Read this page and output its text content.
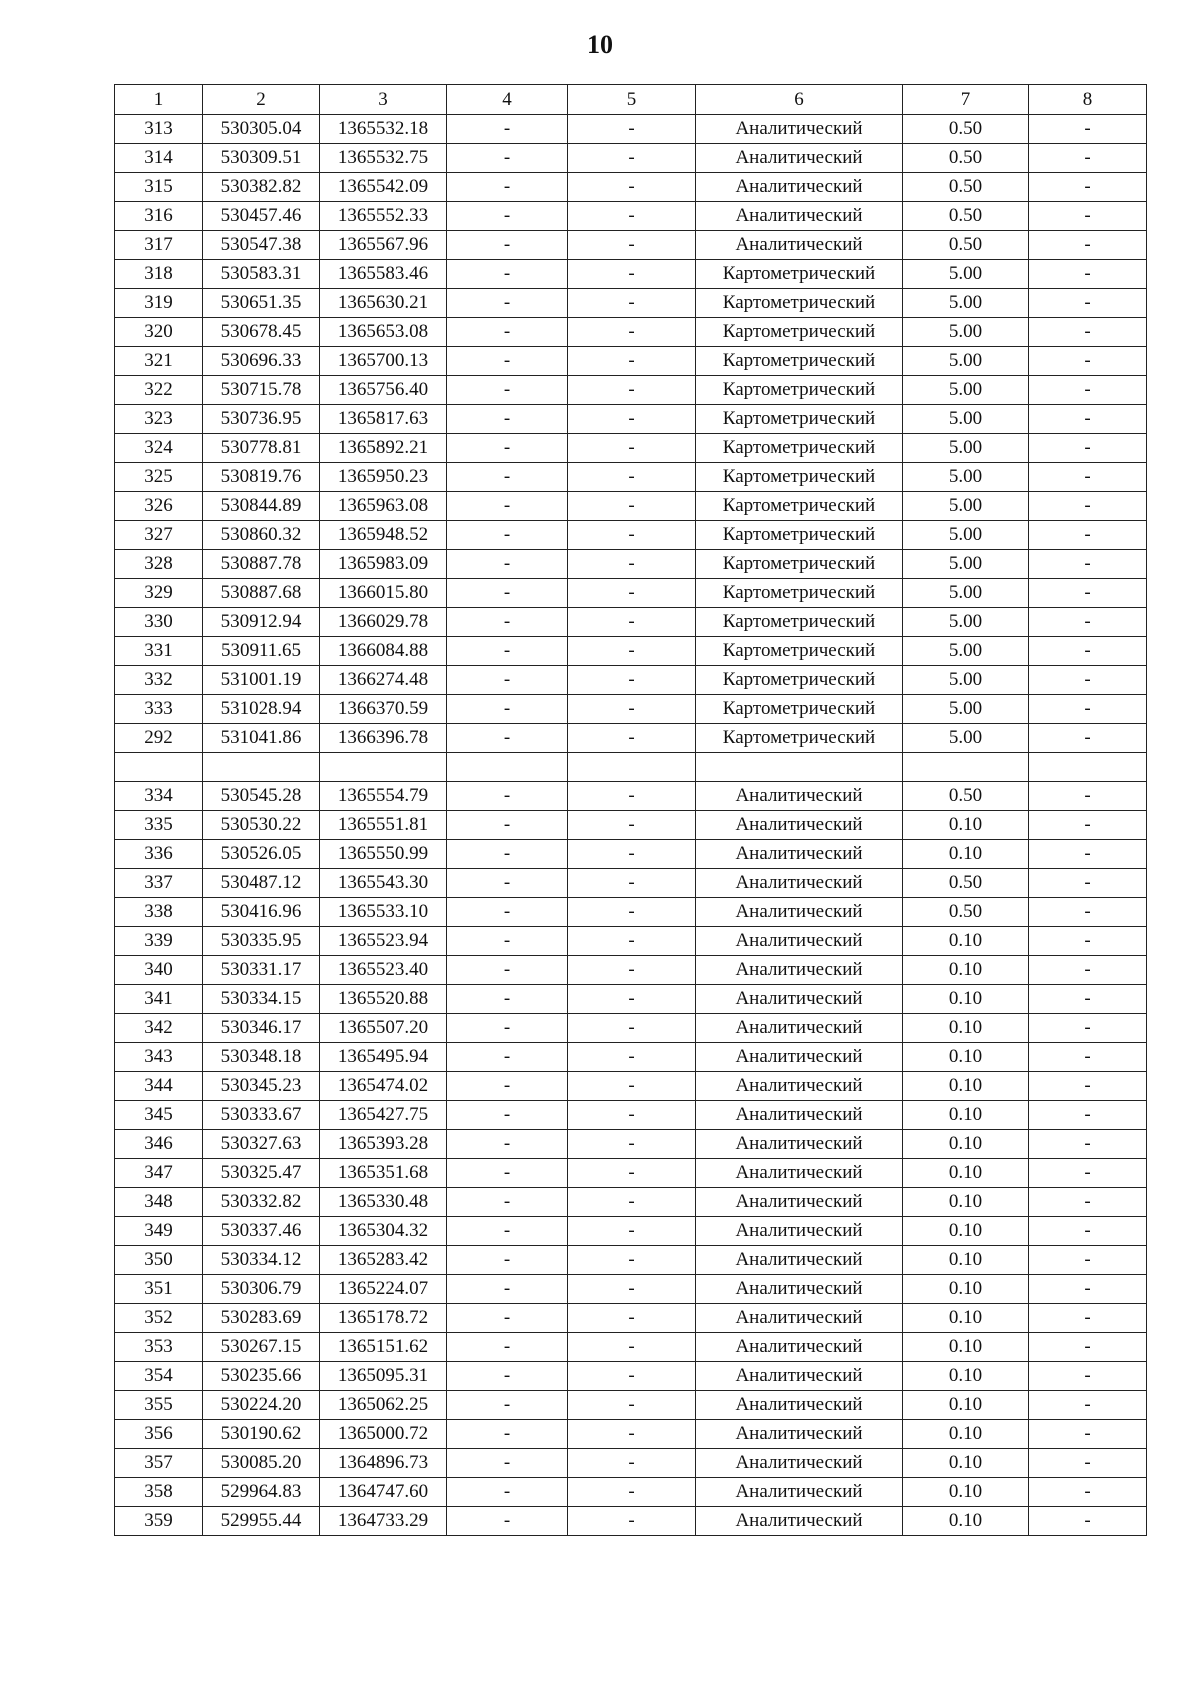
10
1	2	3	4	5	6	7	8
313	530305.04	1365532.18	-	-	Аналитический	0.50	-
314	530309.51	1365532.75	-	-	Аналитический	0.50	-
315	530382.82	1365542.09	-	-	Аналитический	0.50	-
316	530457.46	1365552.33	-	-	Аналитический	0.50	-
317	530547.38	1365567.96	-	-	Аналитический	0.50	-
318	530583.31	1365583.46	-	-	Картометрический	5.00	-
319	530651.35	1365630.21	-	-	Картометрический	5.00	-
320	530678.45	1365653.08	-	-	Картометрический	5.00	-
321	530696.33	1365700.13	-	-	Картометрический	5.00	-
322	530715.78	1365756.40	-	-	Картометрический	5.00	-
323	530736.95	1365817.63	-	-	Картометрический	5.00	-
324	530778.81	1365892.21	-	-	Картометрический	5.00	-
325	530819.76	1365950.23	-	-	Картометрический	5.00	-
326	530844.89	1365963.08	-	-	Картометрический	5.00	-
327	530860.32	1365948.52	-	-	Картометрический	5.00	-
328	530887.78	1365983.09	-	-	Картометрический	5.00	-
329	530887.68	1366015.80	-	-	Картометрический	5.00	-
330	530912.94	1366029.78	-	-	Картометрический	5.00	-
331	530911.65	1366084.88	-	-	Картометрический	5.00	-
332	531001.19	1366274.48	-	-	Картометрический	5.00	-
333	531028.94	1366370.59	-	-	Картометрический	5.00	-
292	531041.86	1366396.78	-	-	Картометрический	5.00	-

334	530545.28	1365554.79	-	-	Аналитический	0.50	-
335	530530.22	1365551.81	-	-	Аналитический	0.10	-
336	530526.05	1365550.99	-	-	Аналитический	0.10	-
337	530487.12	1365543.30	-	-	Аналитический	0.50	-
338	530416.96	1365533.10	-	-	Аналитический	0.50	-
339	530335.95	1365523.94	-	-	Аналитический	0.10	-
340	530331.17	1365523.40	-	-	Аналитический	0.10	-
341	530334.15	1365520.88	-	-	Аналитический	0.10	-
342	530346.17	1365507.20	-	-	Аналитический	0.10	-
343	530348.18	1365495.94	-	-	Аналитический	0.10	-
344	530345.23	1365474.02	-	-	Аналитический	0.10	-
345	530333.67	1365427.75	-	-	Аналитический	0.10	-
346	530327.63	1365393.28	-	-	Аналитический	0.10	-
347	530325.47	1365351.68	-	-	Аналитический	0.10	-
348	530332.82	1365330.48	-	-	Аналитический	0.10	-
349	530337.46	1365304.32	-	-	Аналитический	0.10	-
350	530334.12	1365283.42	-	-	Аналитический	0.10	-
351	530306.79	1365224.07	-	-	Аналитический	0.10	-
352	530283.69	1365178.72	-	-	Аналитический	0.10	-
353	530267.15	1365151.62	-	-	Аналитический	0.10	-
354	530235.66	1365095.31	-	-	Аналитический	0.10	-
355	530224.20	1365062.25	-	-	Аналитический	0.10	-
356	530190.62	1365000.72	-	-	Аналитический	0.10	-
357	530085.20	1364896.73	-	-	Аналитический	0.10	-
358	529964.83	1364747.60	-	-	Аналитический	0.10	-
359	529955.44	1364733.29	-	-	Аналитический	0.10	-
